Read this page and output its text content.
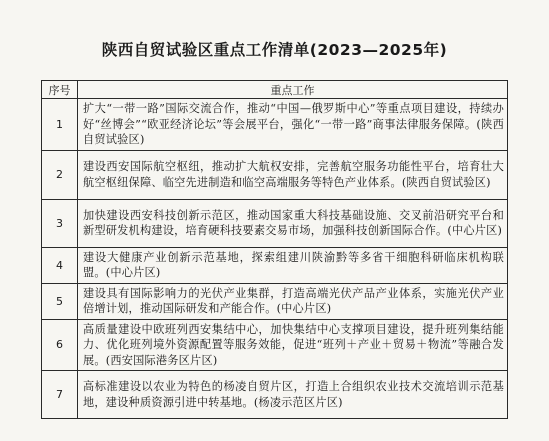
陕西自贸试验区重点工作清单(2023—2025年)
序号	重点工作
1	扩大“一带一路”国际交流合作，推动“中国—俄罗斯中心”等重点项目建设，持续办好“丝博会”“欧亚经济论坛”等会展平台，强化“一带一路”商事法律服务保障。(陕西自贸试验区)
2	建设西安国际航空枢纽，推动扩大航权安排，完善航空服务功能性平台，培育壮大航空枢纽保障、临空先进制造和临空高端服务等特色产业体系。(陕西自贸试验区)
3	加快建设西安科技创新示范区，推动国家重大科技基础设施、交叉前沿研究平台和新型研发机构建设，培育硬科技要素交易市场，加强科技创新国际合作。(中心片区)
4	建设大健康产业创新示范基地，探索组建川陕渝黔等多省干细胞科研临床机构联盟。(中心片区)
5	建设具有国际影响力的光伏产业集群，打造高端光伏产品产业体系，实施光伏产业倍增计划，推动国际研发和产能合作。(中心片区)
6	高质量建设中欧班列西安集结中心，加快集结中心支撑项目建设，提升班列集结能力、优化班列境外资源配置等服务效能，促进“班列＋产业＋贸易＋物流”等融合发展。(西安国际港务区片区)
7	高标准建设以农业为特色的杨凌自贸片区，打造上合组织农业技术交流培训示范基地，建设种质资源引进中转基地。(杨凌示范区片区)
